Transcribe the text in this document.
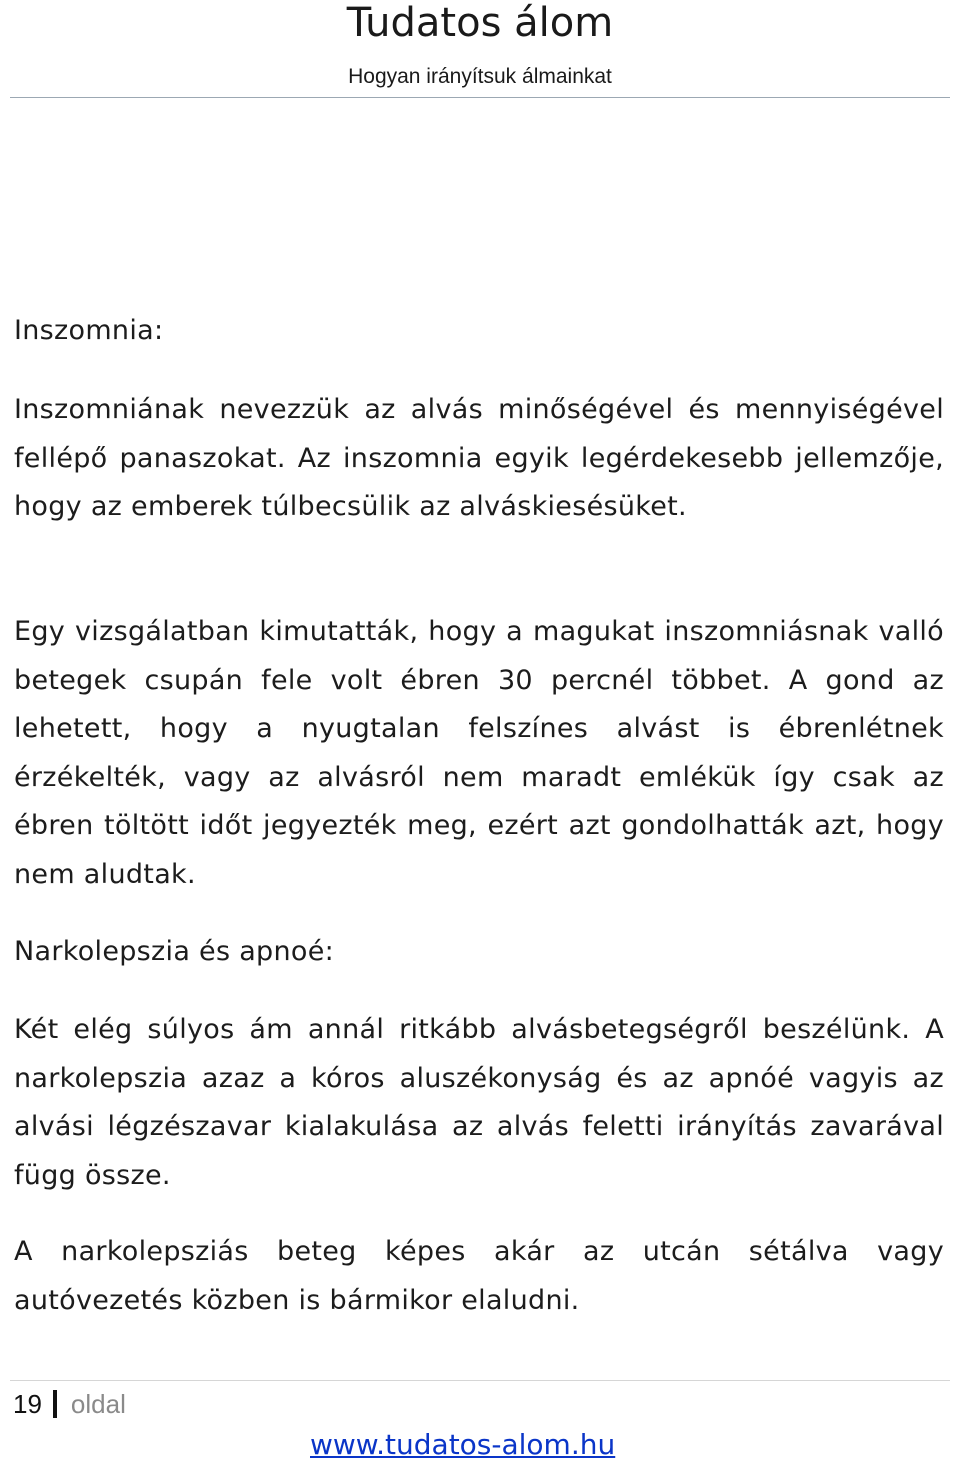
Tudatos álom
Hogyan irányítsuk álmainkat
Inszomnia:
Inszomniának nevezzük az alvás minőségével és mennyiségével fellépő panaszokat. Az inszomnia egyik legérdekesebb jellemzője, hogy az emberek túlbecsülik az alváskiesésüket.
Egy vizsgálatban kimutatták, hogy a magukat inszomniásnak valló betegek csupán fele volt ébren 30 percnél többet. A gond az lehetett, hogy a nyugtalan felszínes alvást is ébrenlétnek érzékelték, vagy az alvásról nem maradt emlékük így csak az ébren töltött időt jegyezték meg, ezért azt gondolhatták azt, hogy nem aludtak.
Narkolepszia és apnoé:
Két elég súlyos ám annál ritkább alvásbetegségről beszélünk. A narkolepszia azaz a kóros aluszékonyság és az apnóé vagyis az alvási légzészavar kialakulása az alvás feletti irányítás zavarával függ össze.
A narkolepsziás beteg képes akár az utcán sétálva vagy autóvezetés közben is bármikor elaludni.
19 oldal
www.tudatos-alom.hu
